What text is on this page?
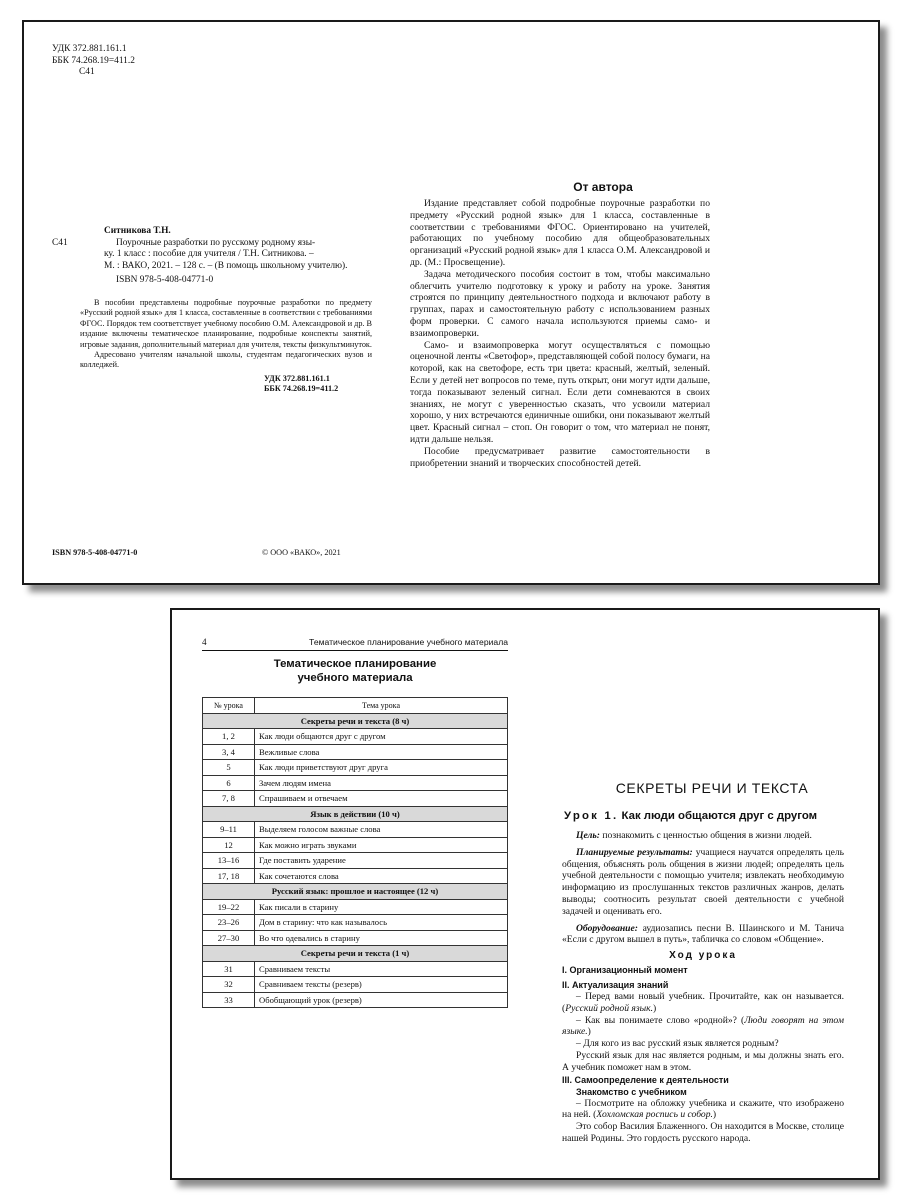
УДК 372.881.161.1
ББК 74.268.19=411.2
С41
Ситникова Т.Н.
С41	Поурочные разработки по русскому родному язы-
ку. 1 класс : пособие для учителя / Т.Н. Ситникова. –
М. : ВАКО, 2021. – 128 с. – (В помощь школьному учителю).
ISBN 978-5-408-04771-0

В пособии представлены подробные поурочные разработки по предмету «Русский родной язык» для 1 класса, составленные в соответствии с требованиями ФГОС. Порядок тем соответствует учебному пособию О.М. Александровой и др. В издание включены тематическое планирование, подробные конспекты занятий, игровые задания, дополнительный материал для учителя, тексты физкультминуток.

Адресовано учителям начальной школы, студентам педагогических вузов и колледжей.

УДК 372.881.161.1
ББК 74.268.19=411.2
От автора

Издание представляет собой подробные поурочные разработки по предмету «Русский родной язык» для 1 класса, составленные в соответствии с требованиями ФГОС. Ориентировано на учителей, работающих по учебному пособию для общеобразовательных организаций «Русский родной язык» для 1 класса О.М. Александровой и др. (М.: Просвещение).

Задача методического пособия состоит в том, чтобы максимально облегчить учителю подготовку к уроку и работу на уроке. Занятия строятся по принципу деятельностного подхода и включают работу в группах, парах и самостоятельную работу с использованием разных форм проверки. С самого начала используются приемы само- и взаимопроверки.

Само- и взаимопроверка могут осуществляться с помощью оценочной ленты «Светофор», представляющей собой полосу бумаги, на которой, как на светофоре, есть три цвета: красный, желтый, зеленый. Если у детей нет вопросов по теме, путь открыт, они могут идти дальше, тогда показывают зеленый сигнал. Если дети сомневаются в своих знаниях, не могут с уверенностью сказать, что усвоили материал хорошо, у них встречаются единичные ошибки, они показывают желтый цвет. Красный сигнал – стоп. Он говорит о том, что материал не понят, идти дальше нельзя.

Пособие предусматривает развитие самостоятельности в приобретении знаний и творческих способностей детей.

ISBN 978-5-408-04771-0	© ООО «ВАКО», 2021
4	Тематическое планирование учебного материала
Тематическое планирование
учебного материала
№ урока	Тема урока
Секреты речи и текста (8 ч)	
1, 2	Как люди общаются друг с другом
3, 4	Вежливые слова
5	Как люди приветствуют друг друга
6	Зачем людям имена
7, 8	Спрашиваем и отвечаем
Язык в действии (10 ч)	
9–11	Выделяем голосом важные слова
12	Как можно играть звуками
13–16	Где поставить ударение
17, 18	Как сочетаются слова
Русский язык: прошлое и настоящее (12 ч)	
19–22	Как писали в старину
23–26	Дом в старину: что как называлось
27–30	Во что одевались в старину
Секреты речи и текста (1 ч)	
31	Сравниваем тексты
32	Сравниваем тексты (резерв)
33	Обобщающий урок (резерв)
СЕКРЕТЫ РЕЧИ И ТЕКСТА
Урок 1. Как люди общаются друг с другом

Цель: познакомить с ценностью общения в жизни людей.

Планируемые результаты: учащиеся научатся определять цель общения, объяснять роль общения в жизни людей; определять цель учебной деятельности с помощью учителя; извлекать необходимую информацию из прослушанных текстов различных жанров, делать выводы; соотносить результат своей деятельности с учебной задачей и оценивать его.

Оборудование: аудиозапись песни В. Шаинского и М. Танича «Если с другом вышел в путь», табличка со словом «Общение».

Ход урока
I. Организационный момент
II. Актуализация знаний

– Перед вами новый учебник. Прочитайте, как он называется. (Русский родной язык.)

– Как вы понимаете слово «родной»? (Люди говорят на этом языке.)

– Для кого из вас русский язык является родным?

Русский язык для нас является родным, и мы должны знать его. А учебник поможет нам в этом.

III. Самоопределение к деятельности
Знакомство с учебником

– Посмотрите на обложку учебника и скажите, что изображено на ней. (Хохломская роспись и собор.)

Это собор Василия Блаженного. Он находится в Москве, столице нашей Родины. Это гордость русского народа.
